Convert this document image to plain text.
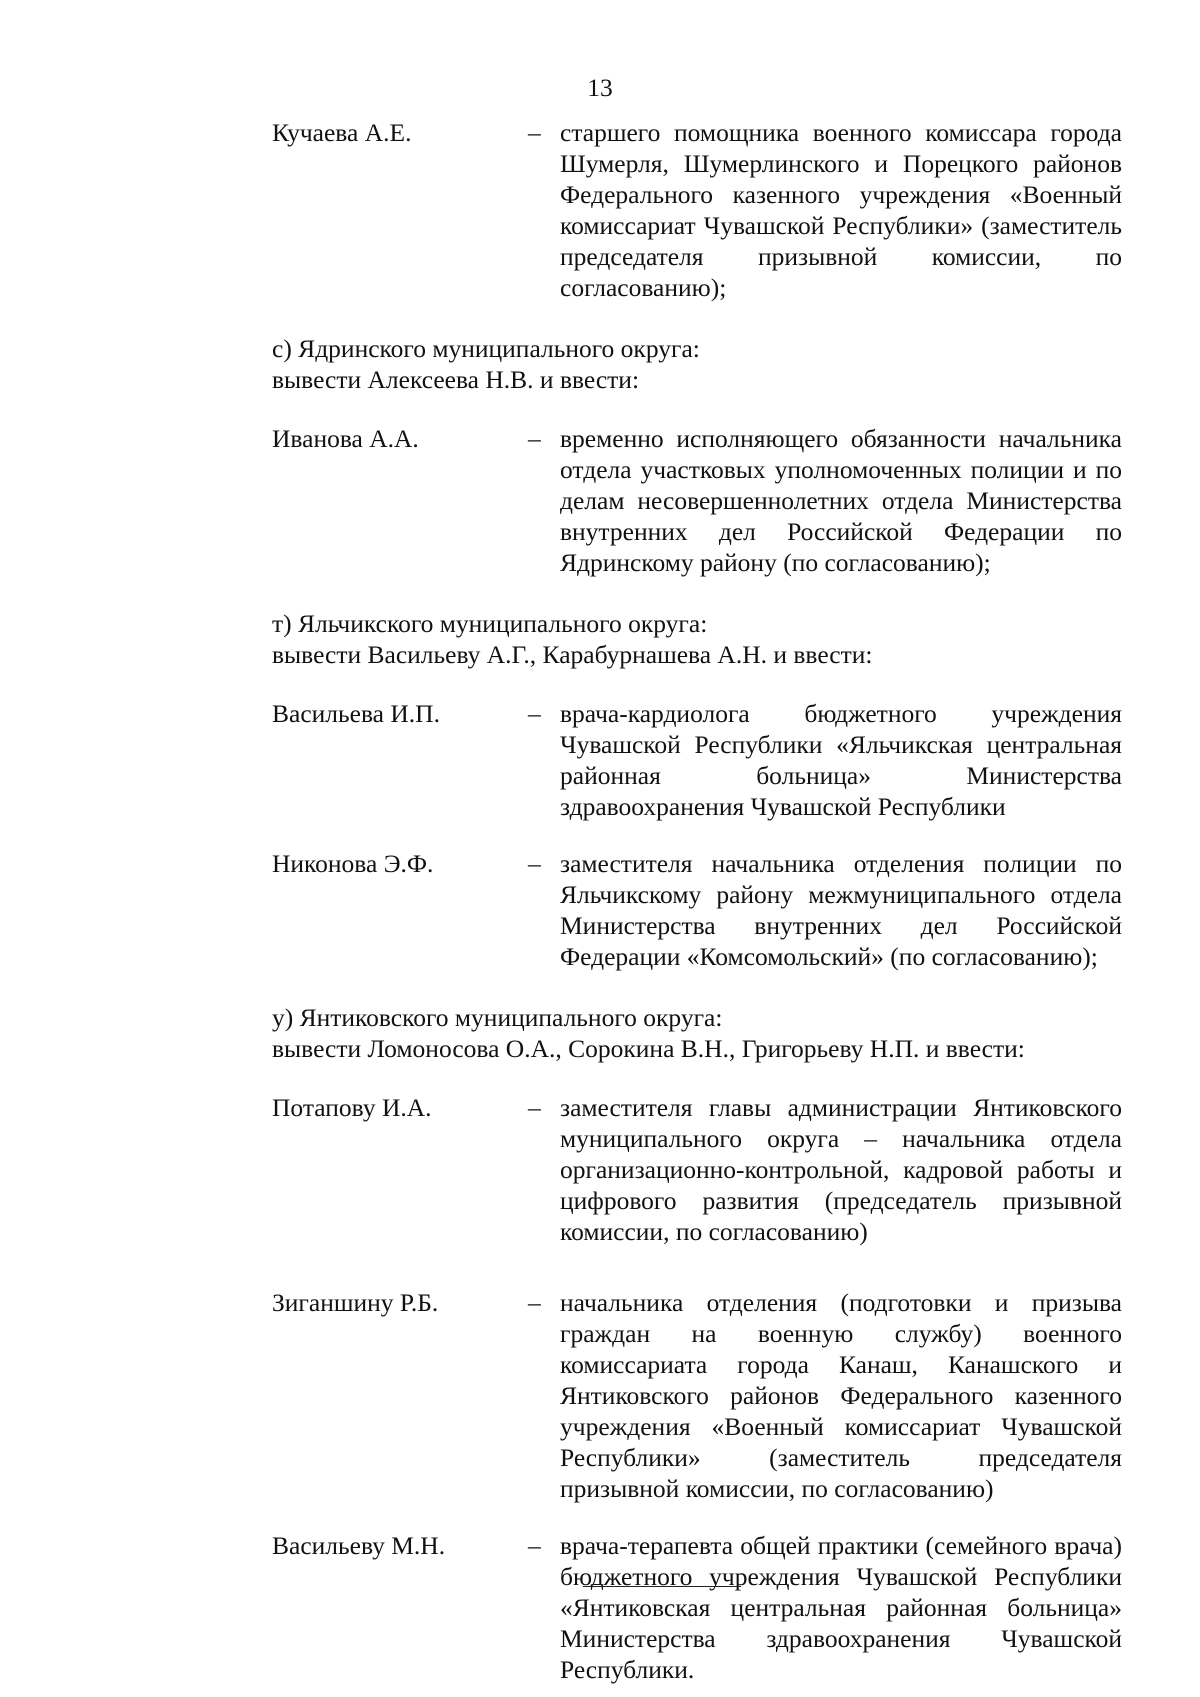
13
Кучаева А.Е.	– старшего помощника военного комиссара города Шумерля, Шумерлинского и Порецкого районов Федерального казенного учреждения «Военный комиссариат Чувашской Республики» (заместитель председателя призывной комиссии, по согласованию);
с) Ядринского муниципального округа:
вывести Алексеева Н.В. и ввести:
Иванова А.А.	– временно исполняющего обязанности начальника отдела участковых уполномоченных полиции и по делам несовершеннолетних отдела Министерства внутренних дел Российской Федерации по Ядринскому району (по согласованию);
т) Яльчикского муниципального округа:
вывести Васильеву А.Г., Карабурнашева А.Н. и ввести:
Васильева И.П.	– врача-кардиолога бюджетного учреждения Чувашской Республики «Яльчикская центральная районная больница» Министерства здравоохранения Чувашской Республики
Никонова Э.Ф.	– заместителя начальника отделения полиции по Яльчикскому району межмуниципального отдела Министерства внутренних дел Российской Федерации «Комсомольский» (по согласованию);
у) Янтиковского муниципального округа:
вывести Ломоносова О.А., Сорокина В.Н., Григорьеву Н.П. и ввести:
Потапову И.А.	– заместителя главы администрации Янтиковского муниципального округа – начальника отдела организационно-контрольной, кадровой работы и цифрового развития (председатель призывной комиссии, по согласованию)
Зиганшину Р.Б.	– начальника отделения (подготовки и призыва граждан на военную службу) военного комиссариата города Канаш, Канашского и Янтиковского районов Федерального казенного учреждения «Военный комиссариат Чувашской Республики» (заместитель председателя призывной комиссии, по согласованию)
Васильеву М.Н.	– врача-терапевта общей практики (семейного врача) бюджетного учреждения Чувашской Республики «Янтиковская центральная районная больница» Министерства здравоохранения Чувашской Республики.
